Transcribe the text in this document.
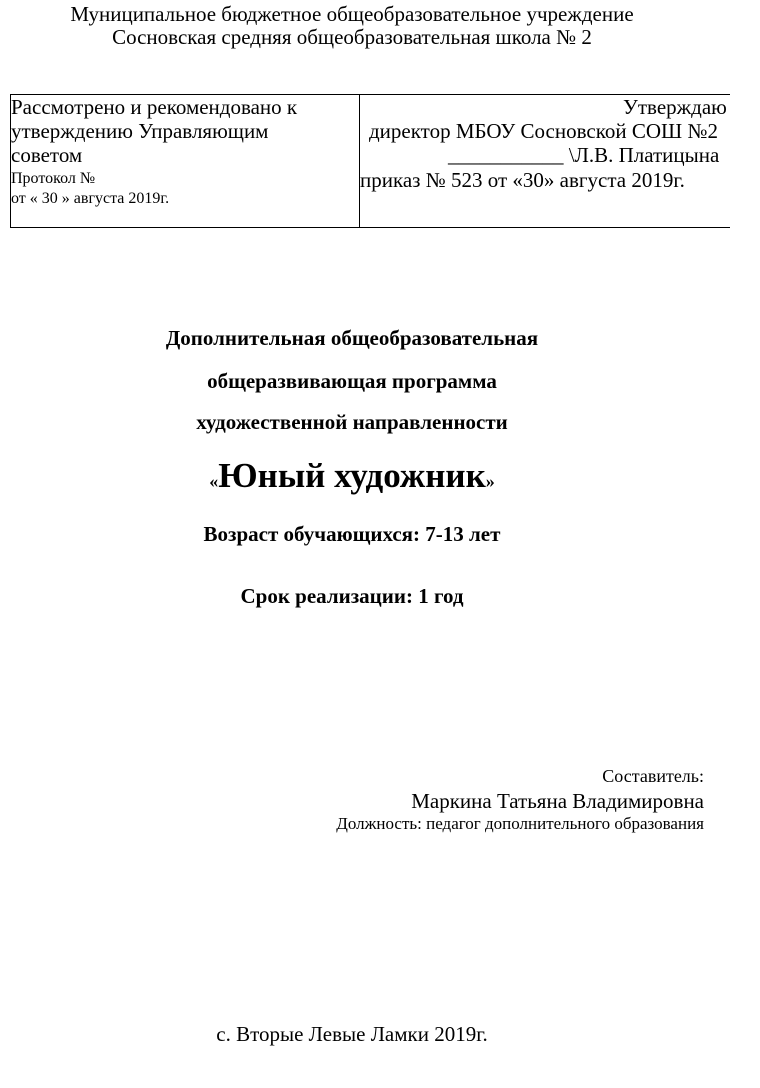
Муниципальное бюджетное общеобразовательное учреждение
Сосновская средняя общеобразовательная школа № 2
Рассмотрено и рекомендовано к
утверждению Управляющим
советом
Протокол №
от « 30 » августа 2019г.
Утверждаю
директор МБОУ Сосновской СОШ №2
___________ \Л.В. Платицына
приказ № 523 от «30» августа 2019г.
Дополнительная общеобразовательная
общеразвивающая программа
художественной направленности
«Юный художник»
Возраст обучающихся: 7-13 лет
Срок реализации: 1 год
Составитель:
Маркина Татьяна Владимировна
Должность: педагог дополнительного образования
с. Вторые Левые Ламки 2019г.
